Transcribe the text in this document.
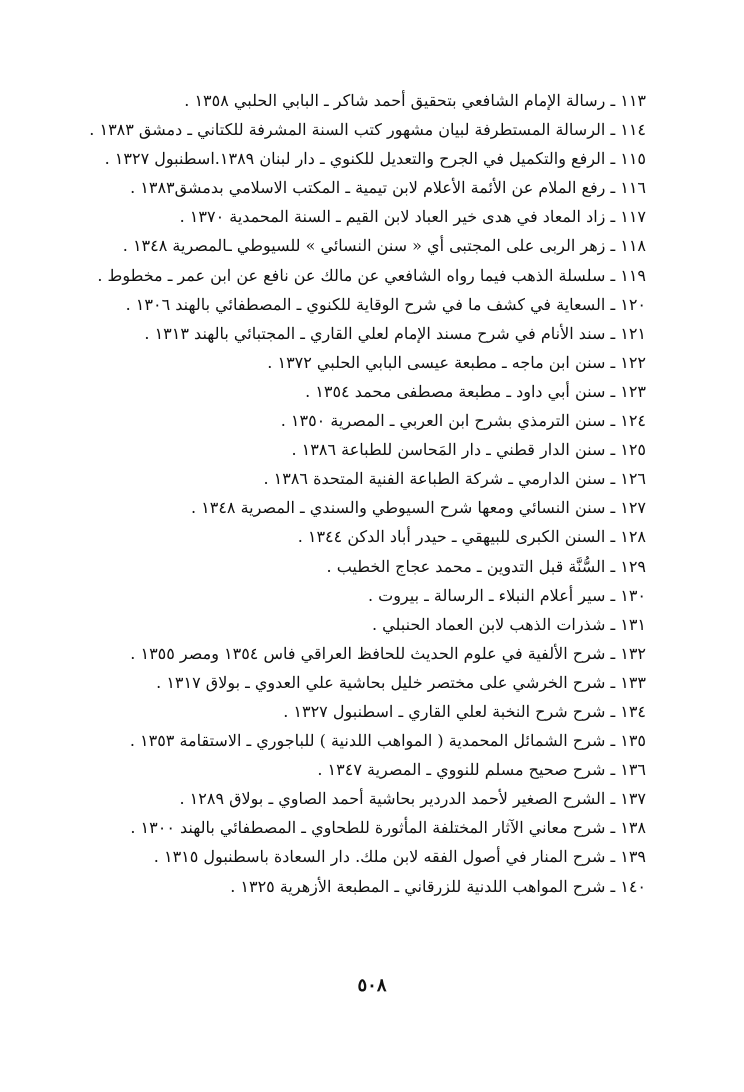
١١٣ ـ رسالة الإمام الشافعي بتحقيق أحمد شاكر ـ البابي الحلبي ١٣٥٨ .
١١٤ ـ الرسالة المستطرفة لبيان مشهور كتب السنة المشرفة للكتاني ـ دمشق ١٣٨٣ .
١١٥ ـ الرفع والتكميل في الجرح والتعديل للكنوي ـ دار لبنان ١٣٨٩.اسطنبول ١٣٢٧ .
١١٦ ـ رفع الملام عن الأئمة الأعلام لابن تيمية ـ المكتب الاسلامي بدمشق١٣٨٣ .
١١٧ ـ زاد المعاد في هدى خير العباد لابن القيم ـ السنة المحمدية ١٣٧٠ .
١١٨ ـ زهر الربى على المجتبى أي « سنن النسائي » للسيوطي ـالمصرية ١٣٤٨ .
١١٩ ـ سلسلة الذهب فيما رواه الشافعي عن مالك عن نافع عن ابن عمر ـ مخطوط .
١٢٠ ـ السعاية في كشف ما في شرح الوقاية للكنوي ـ المصطفائي بالهند ١٣٠٦ .
١٢١ ـ سند الأنام في شرح مسند الإمام لعلي القاري ـ المجتبائي بالهند ١٣١٣ .
١٢٢ ـ سنن ابن ماجه ـ مطبعة عيسى البابي الحلبي ١٣٧٢ .
١٢٣ ـ سنن أبي داود ـ مطبعة مصطفى محمد ١٣٥٤ .
١٢٤ ـ سنن الترمذي بشرح ابن العربي ـ المصرية ١٣٥٠ .
١٢٥ ـ سنن الدار قطني ـ دار المَحاسن للطباعة ١٣٨٦ .
١٢٦ ـ سنن الدارمي ـ شركة الطباعة الفنية المتحدة ١٣٨٦ .
١٢٧ ـ سنن النسائي ومعها شرح السيوطي والسندي ـ المصرية ١٣٤٨ .
١٢٨ ـ السنن الكبرى للبيهقي ـ حيدر أباد الدكن ١٣٤٤ .
١٢٩ ـ السُّنَّة قبل التدوين ـ محمد عجاج الخطيب .
١٣٠ ـ سير أعلام النبلاء ـ الرسالة ـ بيروت .
١٣١ ـ شذرات الذهب لابن العماد الحنبلي .
١٣٢ ـ شرح الألفية في علوم الحديث للحافظ العراقي فاس ١٣٥٤ ومصر ١٣٥٥ .
١٣٣ ـ شرح الخرشي على مختصر خليل بحاشية علي العدوي ـ بولاق ١٣١٧ .
١٣٤ ـ شرح شرح النخبة لعلي القاري ـ اسطنبول ١٣٢٧ .
١٣٥ ـ شرح الشمائل المحمدية ( المواهب اللدنية ) للباجوري ـ الاستقامة ١٣٥٣ .
١٣٦ ـ شرح صحيح مسلم للنووي ـ المصرية ١٣٤٧ .
١٣٧ ـ الشرح الصغير لأحمد الدردير بحاشية أحمد الصاوي ـ بولاق ١٢٨٩ .
١٣٨ ـ شرح معاني الآثار المختلفة المأثورة للطحاوي ـ المصطفائي بالهند ١٣٠٠ .
١٣٩ ـ شرح المنار في أصول الفقه لابن ملك. دار السعادة باسطنبول ١٣١٥ .
١٤٠ ـ شرح المواهب اللدنية للزرقاني ـ المطبعة الأزهرية ١٣٢٥ .
٥٠٨
